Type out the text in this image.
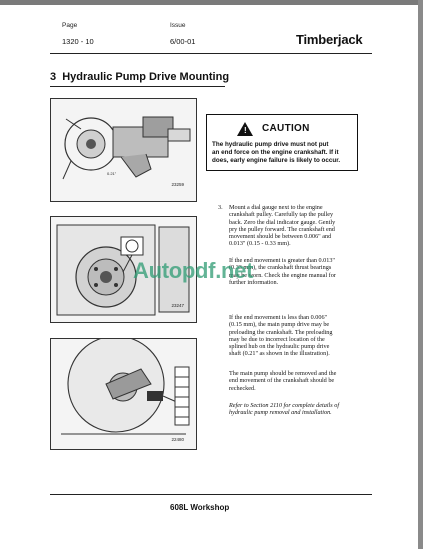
Page
1320 - 10
Issue
6/00-01	Timberjack
3 Hydraulic Pump Drive Mounting
0.21"
23259
23247
22480
! CAUTION
The hydraulic pump drive must not put
an end force on the engine crankshaft. If it
does, early engine failure is likely to occur.
3. Mount a dial gauge next to the engine
crankshaft pulley. Carefully tap the pulley
back. Zero the dial indicator gauge. Gently
pry the pulley forward. The crankshaft end
movement should be between 0.006" and
0.013" (0.15 - 0.33 mm).
If the end movement is greater than 0.013"
(0.33 mm), the crankshaft thrust bearings
may be worn. Check the engine manual for
further information.
If the end movement is less than 0.006"
(0.15 mm), the main pump drive may be
preloading the crankshaft. The preloading
may be due to incorrect location of the
splined hub on the hydraulic pump drive
shaft (0.21" as shown in the illustration).
The main pump should be removed and the
end movement of the crankshaft should be
rechecked.
Refer to Section 2110 for complete details of
hydraulic pump removal and installation.
Autopdf.net
608L Workshop
